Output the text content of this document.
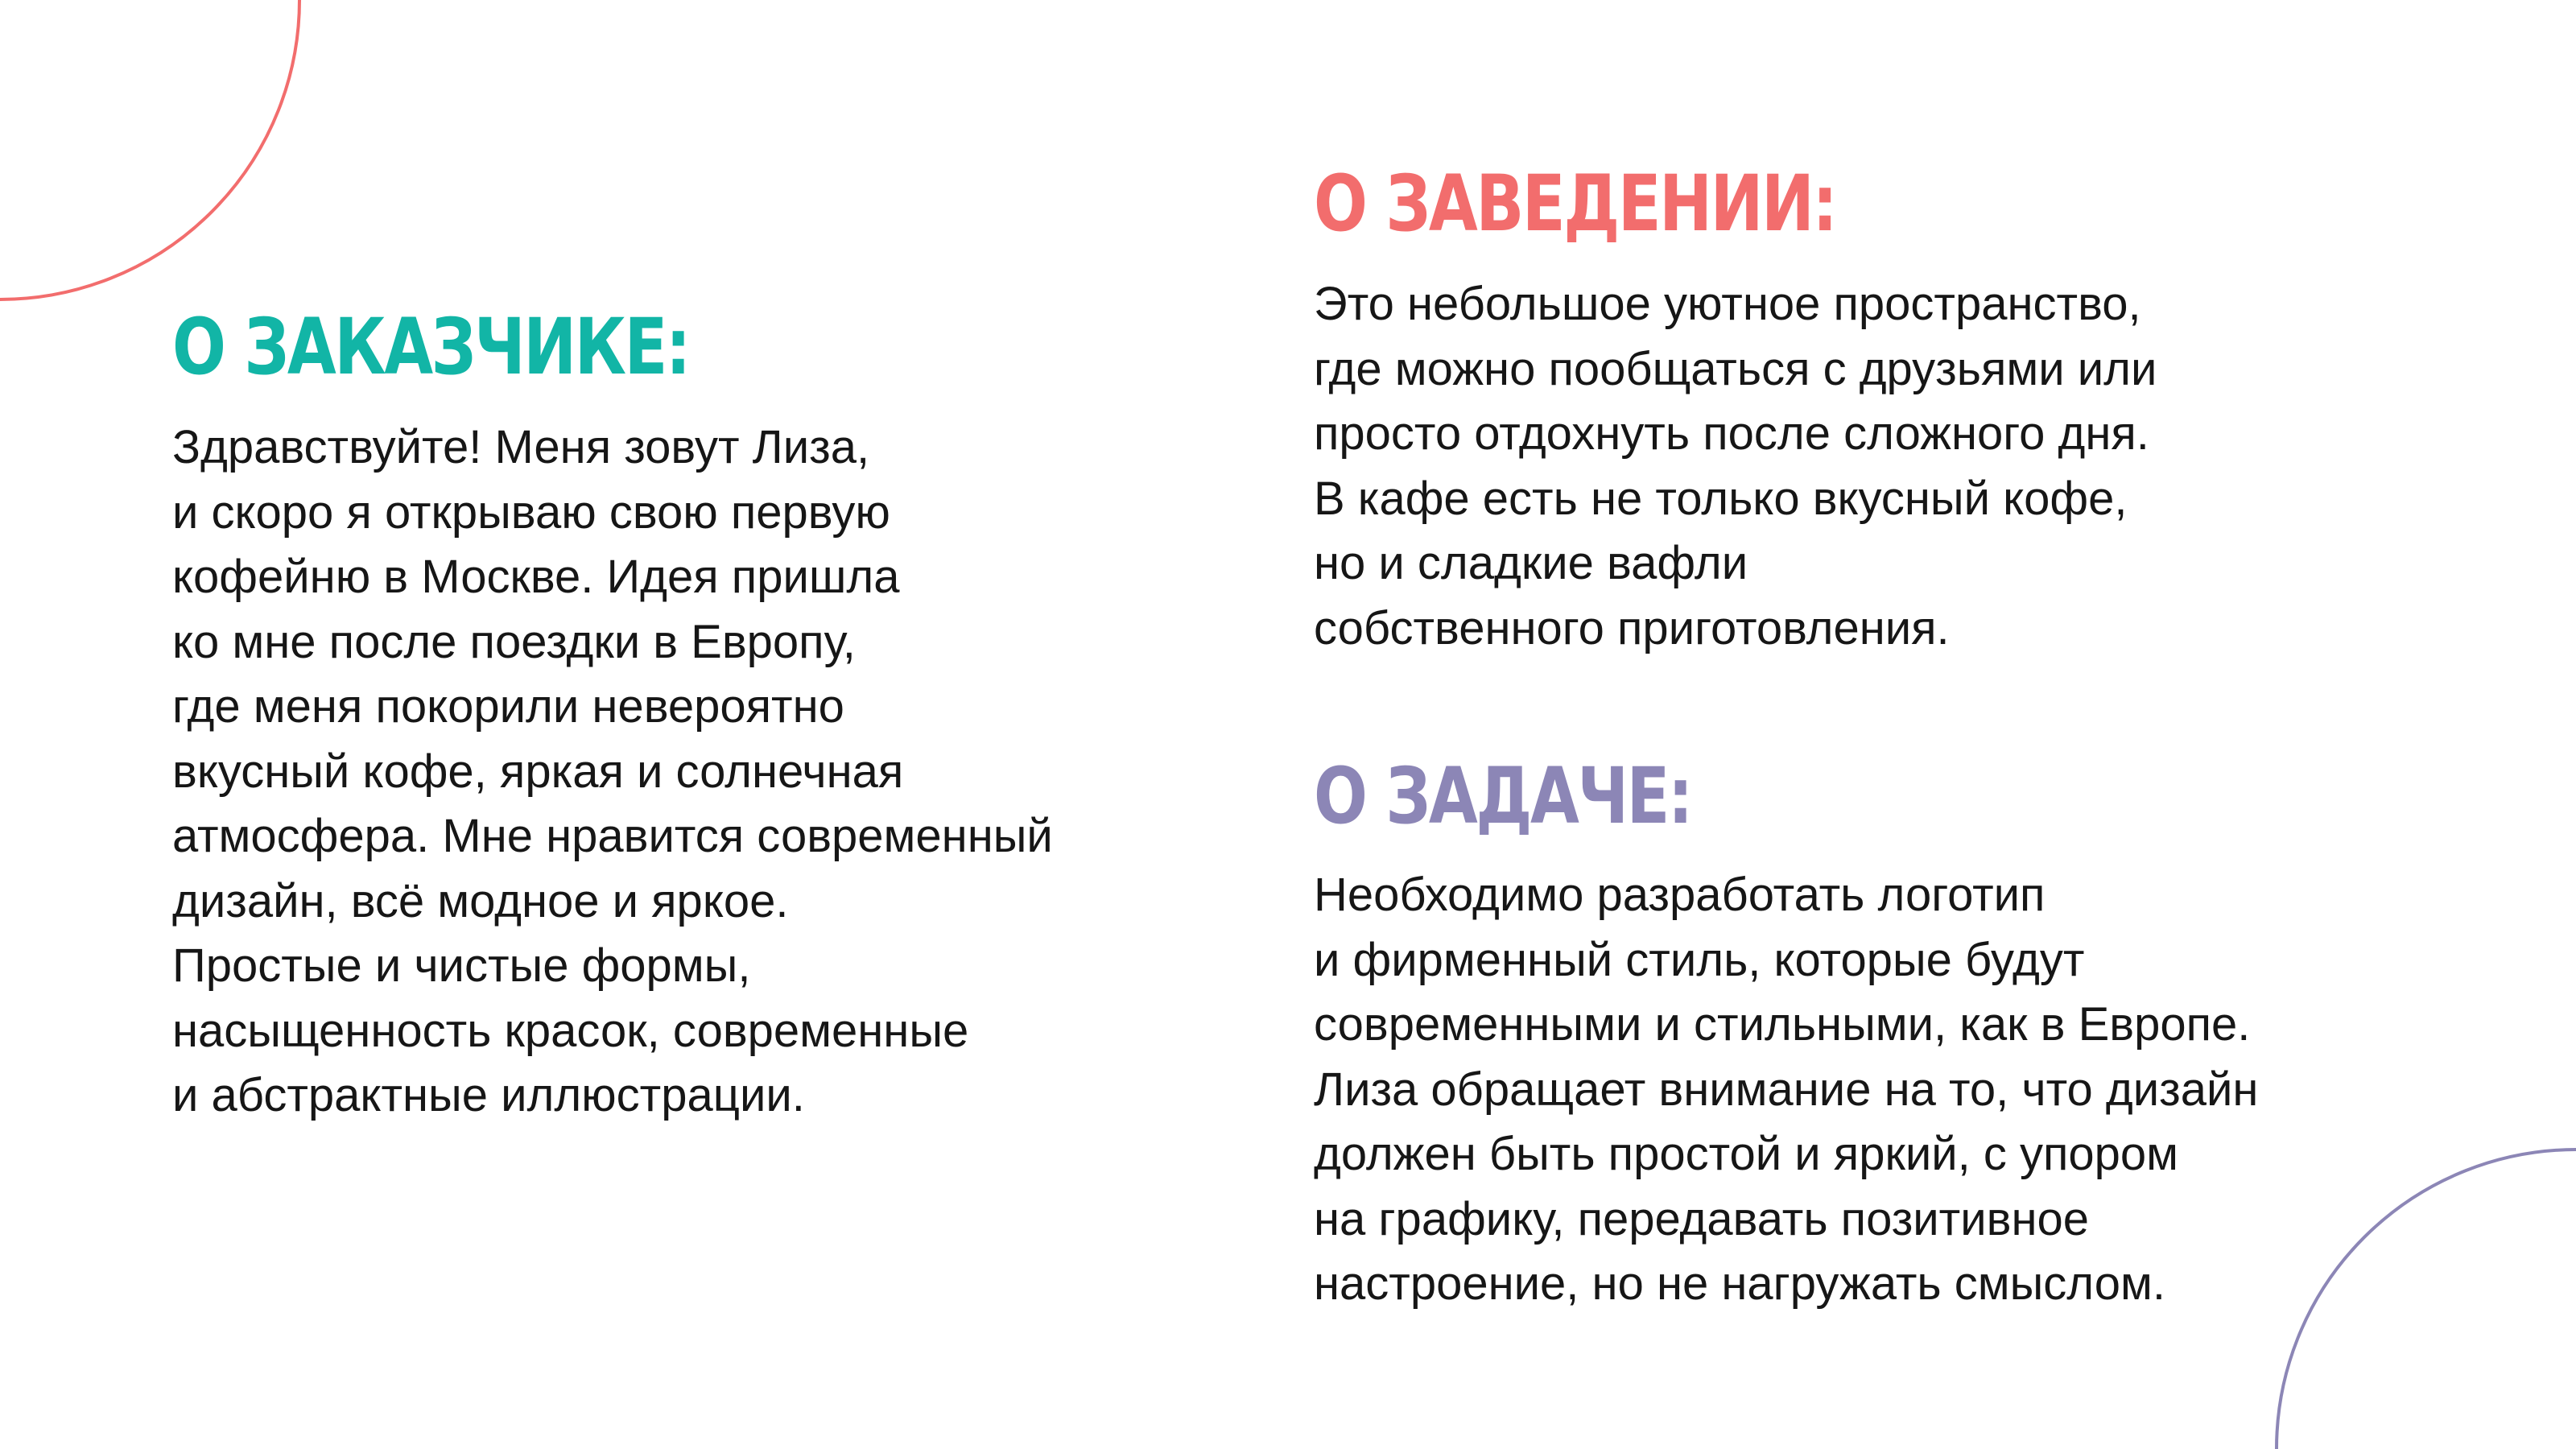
О ЗАКАЗЧИКЕ:
Здравствуйте! Меня зовут Лиза,
и скоро я открываю свою первую
кофейню в Москве. Идея пришла
ко мне после поездки в Европу,
где меня покорили невероятно
вкусный кофе, яркая и солнечная
атмосфера. Мне нравится современный
дизайн, всё модное и яркое.
Простые и чистые формы,
насыщенность красок, современные
и абстрактные иллюстрации.
О ЗАВЕДЕНИИ:
Это небольшое уютное пространство,
где можно пообщаться с друзьями или
просто отдохнуть после сложного дня.
В кафе есть не только вкусный кофе,
но и сладкие вафли
собственного приготовления.
О ЗАДАЧЕ:
Необходимо разработать логотип
и фирменный стиль, которые будут
современными и стильными, как в Европе.
Лиза обращает внимание на то, что дизайн
должен быть простой и яркий, с упором
на графику, передавать позитивное
настроение, но не нагружать смыслом.
